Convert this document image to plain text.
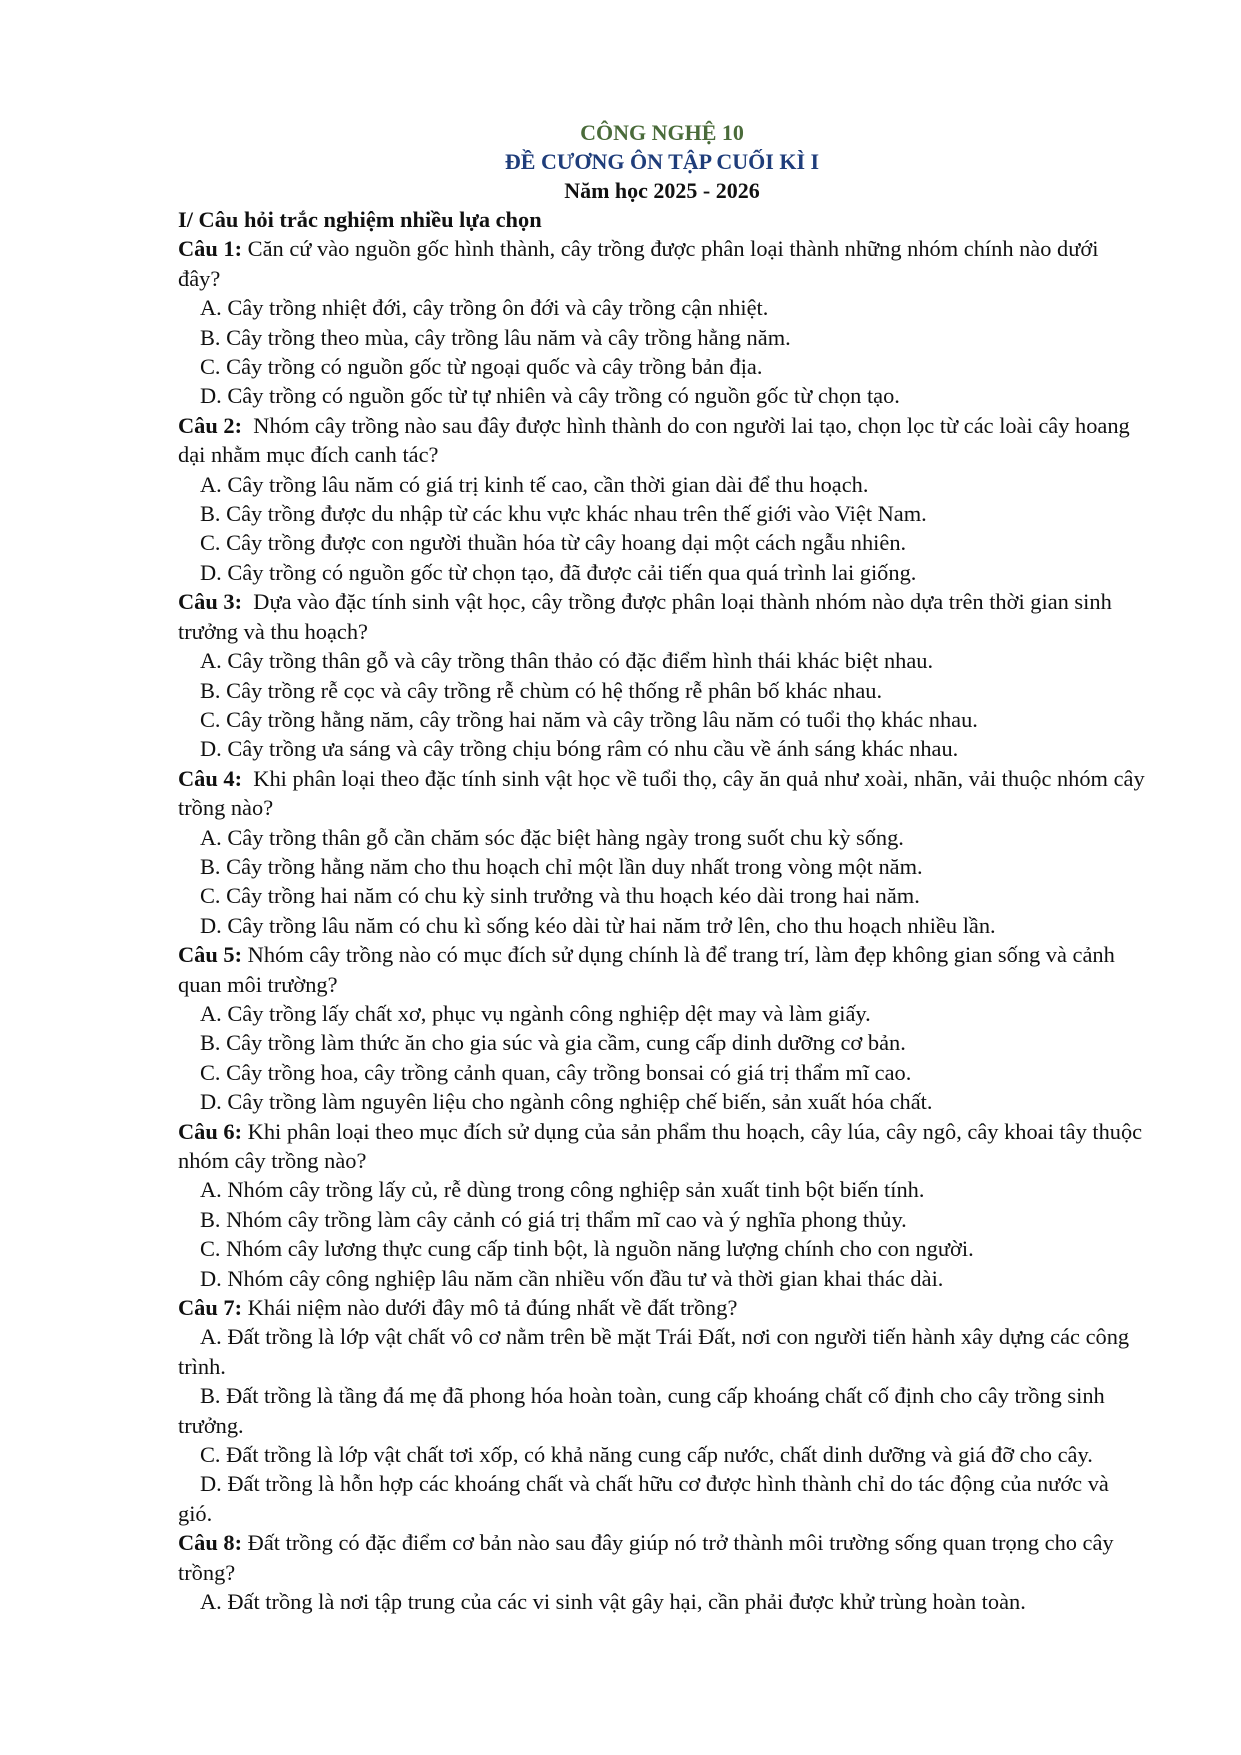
CÔNG NGHỆ 10
ĐỀ CƯƠNG ÔN TẬP CUỐI KÌ I
Năm học 2025 - 2026
I/ Câu hỏi trắc nghiệm nhiều lựa chọn
Câu 1: Căn cứ vào nguồn gốc hình thành, cây trồng được phân loại thành những nhóm chính nào dưới đây?
A. Cây trồng nhiệt đới, cây trồng ôn đới và cây trồng cận nhiệt.
B. Cây trồng theo mùa, cây trồng lâu năm và cây trồng hằng năm.
C. Cây trồng có nguồn gốc từ ngoại quốc và cây trồng bản địa.
D. Cây trồng có nguồn gốc từ tự nhiên và cây trồng có nguồn gốc từ chọn tạo.
Câu 2:  Nhóm cây trồng nào sau đây được hình thành do con người lai tạo, chọn lọc từ các loài cây hoang dại nhằm mục đích canh tác?
A. Cây trồng lâu năm có giá trị kinh tế cao, cần thời gian dài để thu hoạch.
B. Cây trồng được du nhập từ các khu vực khác nhau trên thế giới vào Việt Nam.
C. Cây trồng được con người thuần hóa từ cây hoang dại một cách ngẫu nhiên.
D. Cây trồng có nguồn gốc từ chọn tạo, đã được cải tiến qua quá trình lai giống.
Câu 3:  Dựa vào đặc tính sinh vật học, cây trồng được phân loại thành nhóm nào dựa trên thời gian sinh trưởng và thu hoạch?
A. Cây trồng thân gỗ và cây trồng thân thảo có đặc điểm hình thái khác biệt nhau.
B. Cây trồng rễ cọc và cây trồng rễ chùm có hệ thống rễ phân bố khác nhau.
C. Cây trồng hằng năm, cây trồng hai năm và cây trồng lâu năm có tuổi thọ khác nhau.
D. Cây trồng ưa sáng và cây trồng chịu bóng râm có nhu cầu về ánh sáng khác nhau.
Câu 4:  Khi phân loại theo đặc tính sinh vật học về tuổi thọ, cây ăn quả như xoài, nhãn, vải thuộc nhóm cây trồng nào?
A. Cây trồng thân gỗ cần chăm sóc đặc biệt hàng ngày trong suốt chu kỳ sống.
B. Cây trồng hằng năm cho thu hoạch chỉ một lần duy nhất trong vòng một năm.
C. Cây trồng hai năm có chu kỳ sinh trưởng và thu hoạch kéo dài trong hai năm.
D. Cây trồng lâu năm có chu kì sống kéo dài từ hai năm trở lên, cho thu hoạch nhiều lần.
Câu 5: Nhóm cây trồng nào có mục đích sử dụng chính là để trang trí, làm đẹp không gian sống và cảnh quan môi trường?
A. Cây trồng lấy chất xơ, phục vụ ngành công nghiệp dệt may và làm giấy.
B. Cây trồng làm thức ăn cho gia súc và gia cầm, cung cấp dinh dưỡng cơ bản.
C. Cây trồng hoa, cây trồng cảnh quan, cây trồng bonsai có giá trị thẩm mĩ cao.
D. Cây trồng làm nguyên liệu cho ngành công nghiệp chế biến, sản xuất hóa chất.
Câu 6: Khi phân loại theo mục đích sử dụng của sản phẩm thu hoạch, cây lúa, cây ngô, cây khoai tây thuộc nhóm cây trồng nào?
A. Nhóm cây trồng lấy củ, rễ dùng trong công nghiệp sản xuất tinh bột biến tính.
B. Nhóm cây trồng làm cây cảnh có giá trị thẩm mĩ cao và ý nghĩa phong thủy.
C. Nhóm cây lương thực cung cấp tinh bột, là nguồn năng lượng chính cho con người.
D. Nhóm cây công nghiệp lâu năm cần nhiều vốn đầu tư và thời gian khai thác dài.
Câu 7: Khái niệm nào dưới đây mô tả đúng nhất về đất trồng?
A. Đất trồng là lớp vật chất vô cơ nằm trên bề mặt Trái Đất, nơi con người tiến hành xây dựng các công trình.
B. Đất trồng là tầng đá mẹ đã phong hóa hoàn toàn, cung cấp khoáng chất cố định cho cây trồng sinh trưởng.
C. Đất trồng là lớp vật chất tơi xốp, có khả năng cung cấp nước, chất dinh dưỡng và giá đỡ cho cây.
D. Đất trồng là hỗn hợp các khoáng chất và chất hữu cơ được hình thành chỉ do tác động của nước và gió.
Câu 8: Đất trồng có đặc điểm cơ bản nào sau đây giúp nó trở thành môi trường sống quan trọng cho cây trồng?
A. Đất trồng là nơi tập trung của các vi sinh vật gây hại, cần phải được khử trùng hoàn toàn.
